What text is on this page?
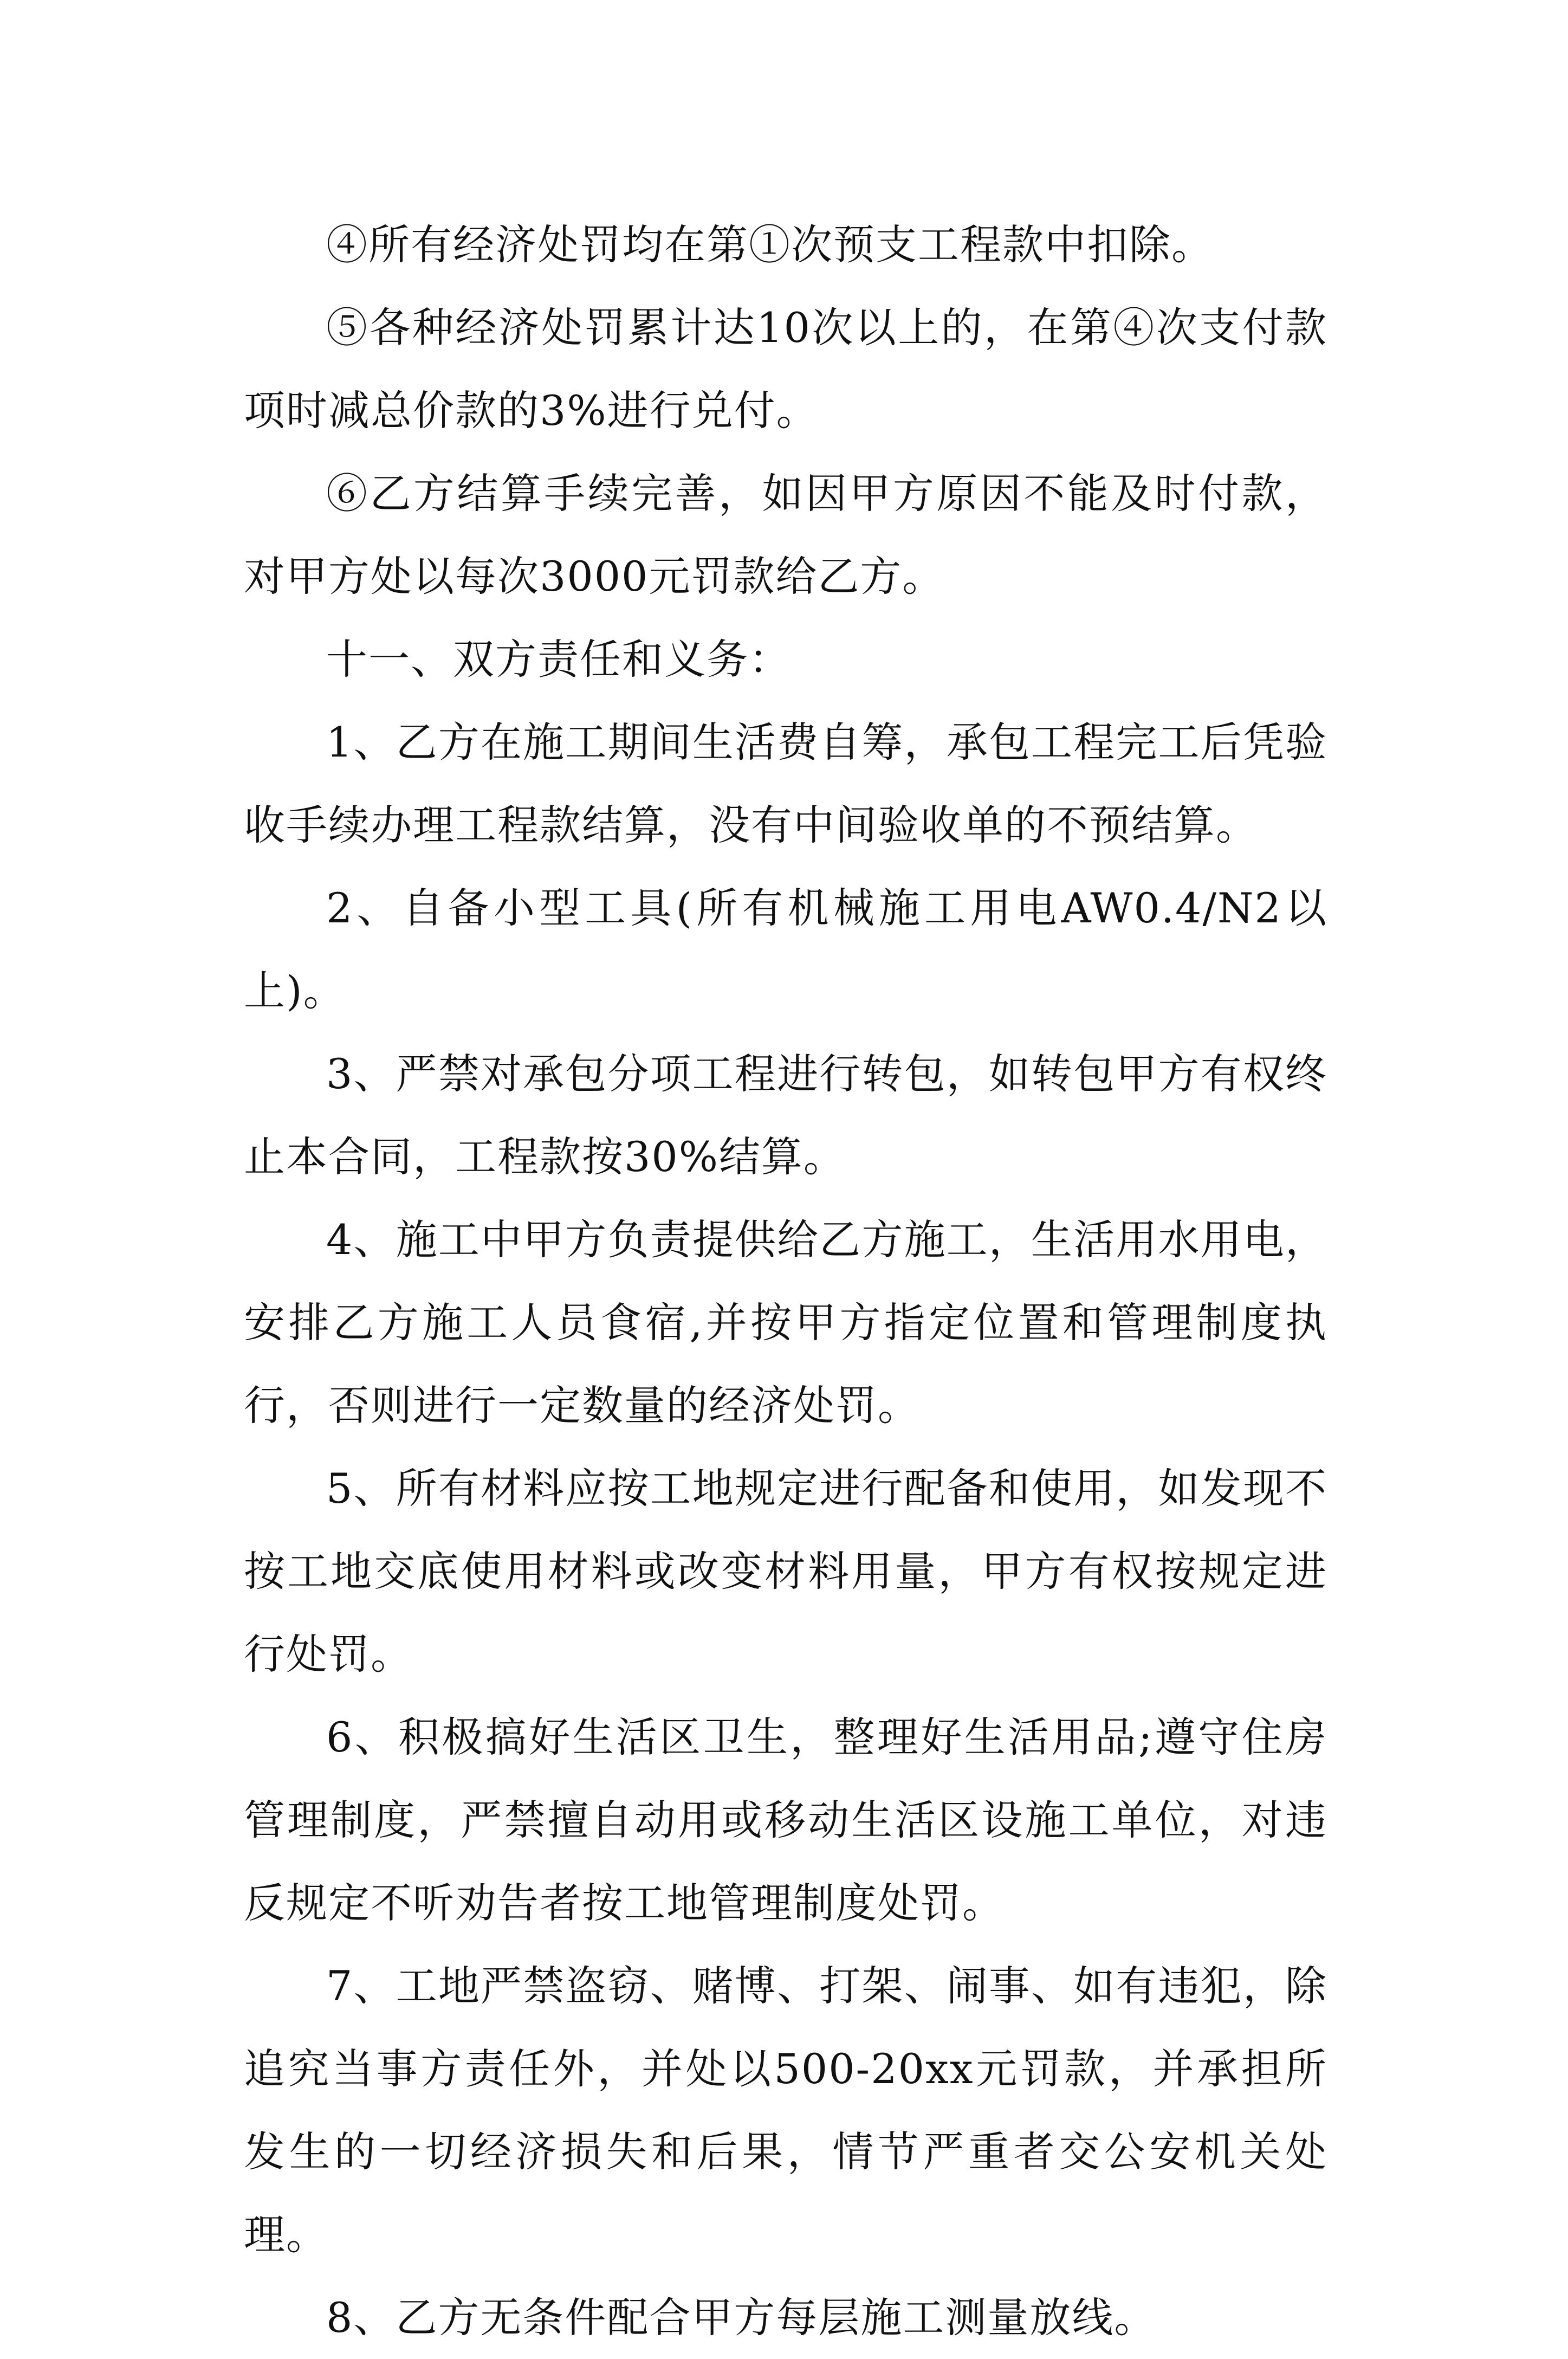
④所有经济处罚均在第①次预支工程款中扣除。

⑤各种经济处罚累计达10次以上的，在第④次支付款项时减总价款的3%进行兑付。

⑥乙方结算手续完善，如因甲方原因不能及时付款，对甲方处以每次3000元罚款给乙方。

十一、双方责任和义务：

1、乙方在施工期间生活费自筹，承包工程完工后凭验收手续办理工程款结算，没有中间验收单的不预结算。

2、自备小型工具(所有机械施工用电AW0.4/N2以上)。

3、严禁对承包分项工程进行转包，如转包甲方有权终止本合同，工程款按30%结算。

4、施工中甲方负责提供给乙方施工，生活用水用电，安排乙方施工人员食宿,并按甲方指定位置和管理制度执行，否则进行一定数量的经济处罚。

5、所有材料应按工地规定进行配备和使用，如发现不按工地交底使用材料或改变材料用量，甲方有权按规定进行处罚。

6、积极搞好生活区卫生，整理好生活用品;遵守住房管理制度，严禁擅自动用或移动生活区设施工单位，对违反规定不听劝告者按工地管理制度处罚。

7、工地严禁盗窃、赌博、打架、闹事、如有违犯，除追究当事方责任外，并处以500-20xx元罚款，并承担所发生的一切经济损失和后果，情节严重者交公安机关处理。

8、乙方无条件配合甲方每层施工测量放线。
